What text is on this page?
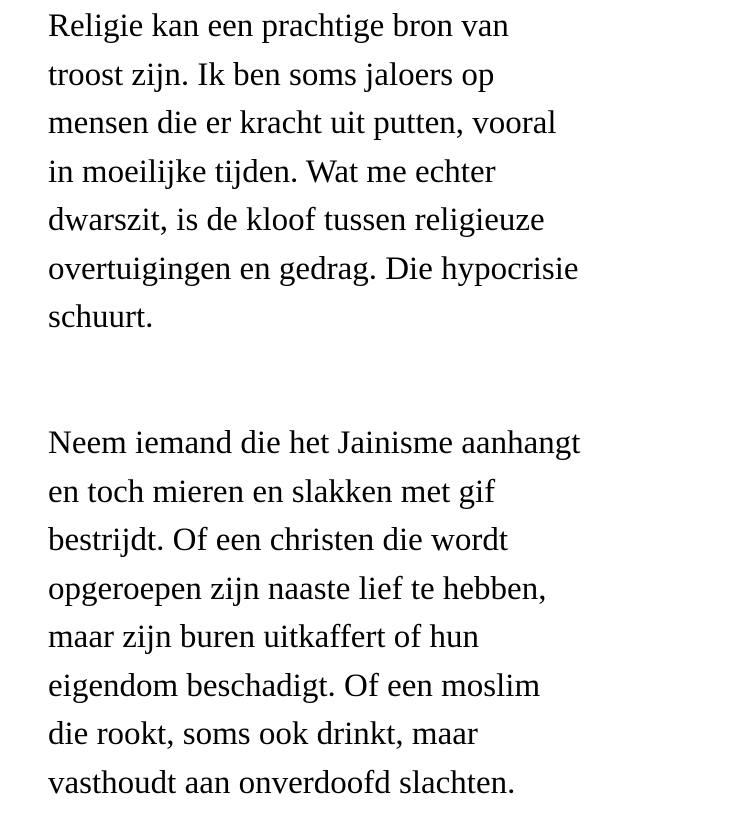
Religie kan een prachtige bron van
troost zijn. Ik ben soms jaloers op
mensen die er kracht uit putten, vooral
in moeilijke tijden. Wat me echter
dwarszit, is de kloof tussen religieuze
overtuigingen en gedrag. Die hypocrisie
schuurt.

Neem iemand die het Jainisme aanhangt
en toch mieren en slakken met gif
bestrijdt. Of een christen die wordt
opgeroepen zijn naaste lief te hebben,
maar zijn buren uitkaffert of hun
eigendom beschadigt. Of een moslim
die rookt, soms ook drinkt, maar
vasthoudt aan onverdoofd slachten.
